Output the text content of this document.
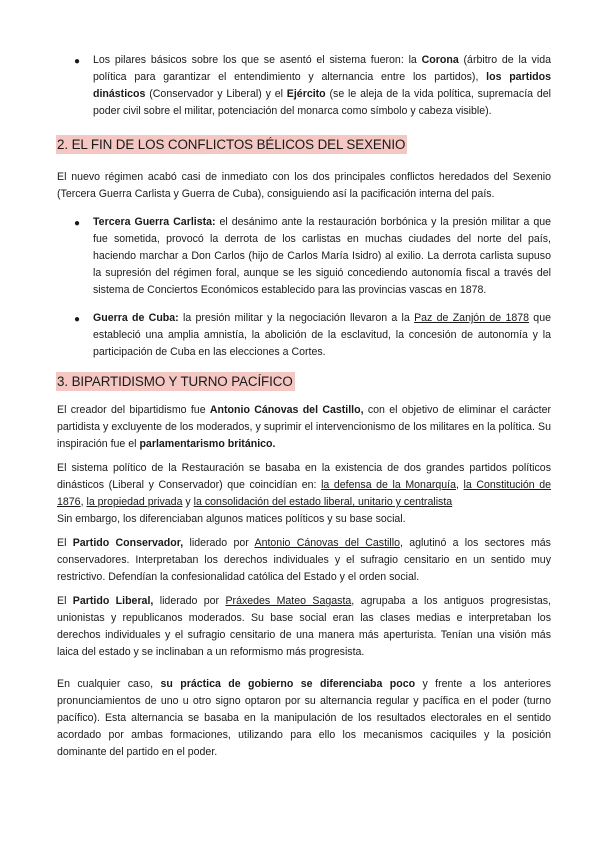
● Los pilares básicos sobre los que se asentó el sistema fueron: la Corona (árbitro de la vida política para garantizar el entendimiento y alternancia entre los partidos), los partidos dinásticos (Conservador y Liberal) y el Ejército (se le aleja de la vida política, supremacía del poder civil sobre el militar, potenciación del monarca como símbolo y cabeza visible).

2. EL FIN DE LOS CONFLICTOS BÉLICOS DEL SEXENIO

El nuevo régimen acabó casi de inmediato con los dos principales conflictos heredados del Sexenio (Tercera Guerra Carlista y Guerra de Cuba), consiguiendo así la pacificación interna del país.

● Tercera Guerra Carlista: el desánimo ante la restauración borbónica y la presión militar a que fue sometida, provocó la derrota de los carlistas en muchas ciudades del norte del país, haciendo marchar a Don Carlos (hijo de Carlos María Isidro) al exilio. La derrota carlista supuso la supresión del régimen foral, aunque se les siguió concediendo autonomía fiscal a través del sistema de Conciertos Económicos establecido para las provincias vascas en 1878.

● Guerra de Cuba: la presión militar y la negociación llevaron a la Paz de Zanjón de 1878 que estableció una amplia amnistía, la abolición de la esclavitud, la concesión de autonomía y la participación de Cuba en las elecciones a Cortes.

3. BIPARTIDISMO Y TURNO PACÍFICO

El creador del bipartidismo fue Antonio Cánovas del Castillo, con el objetivo de eliminar el carácter partidista y excluyente de los moderados, y suprimir el intervencionismo de los militares en la política. Su inspiración fue el parlamentarismo británico.

El sistema político de la Restauración se basaba en la existencia de dos grandes partidos políticos dinásticos (Liberal y Conservador) que coincidían en: la defensa de la Monarquía, la Constitución de 1876, la propiedad privada y la consolidación del estado liberal, unitario y centralista
Sin embargo, los diferenciaban algunos matices políticos y su base social.

El Partido Conservador, liderado por Antonio Cánovas del Castillo, aglutinó a los sectores más conservadores. Interpretaban los derechos individuales y el sufragio censitario en un sentido muy restrictivo. Defendían la confesionalidad católica del Estado y el orden social.

El Partido Liberal, liderado por Práxedes Mateo Sagasta, agrupaba a los antiguos progresistas, unionistas y republicanos moderados. Su base social eran las clases medias e interpretaban los derechos individuales y el sufragio censitario de una manera más aperturista. Tenían una visión más laica del estado y se inclinaban a un reformismo más progresista.

En cualquier caso, su práctica de gobierno se diferenciaba poco y frente a los anteriores pronunciamientos de uno u otro signo optaron por su alternancia regular y pacífica en el poder (turno pacífico). Esta alternancia se basaba en la manipulación de los resultados electorales en el sentido acordado por ambas formaciones, utilizando para ello los mecanismos caciquiles y la posición dominante del partido en el poder.
